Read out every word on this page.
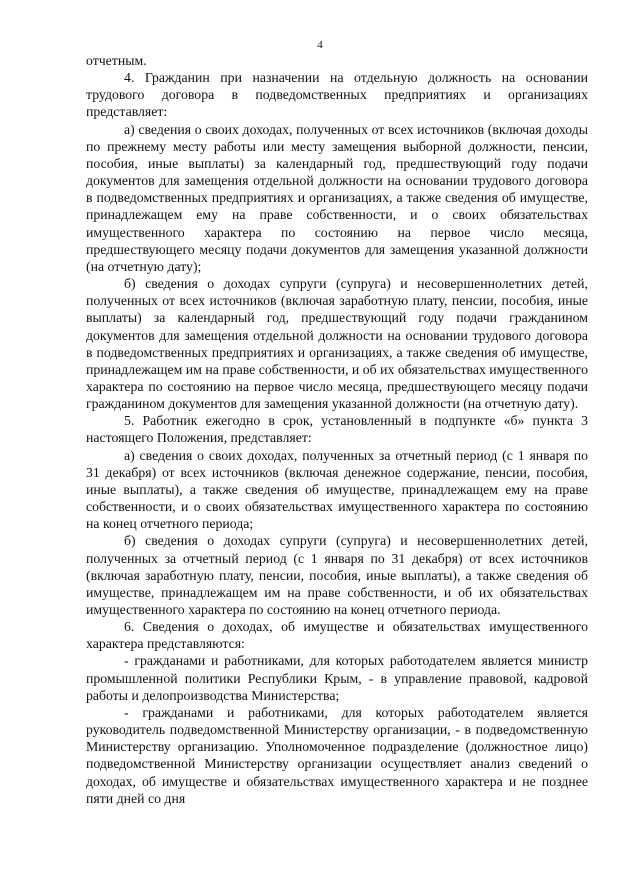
4

отчетным.

4. Гражданин при назначении на отдельную должность на основании трудового договора в подведомственных предприятиях и организациях представляет:

а) сведения о своих доходах, полученных от всех источников (включая доходы по прежнему месту работы или месту замещения выборной должности, пенсии, пособия, иные выплаты) за календарный год, предшествующий году подачи документов для замещения отдельной должности на основании трудового договора в подведомственных предприятиях и организациях, а также сведения об имуществе, принадлежащем ему на праве собственности, и о своих обязательствах имущественного характера по состоянию на первое число месяца, предшествующего месяцу подачи документов для замещения указанной должности (на отчетную дату);

б) сведения о доходах супруги (супруга) и несовершеннолетних детей, полученных от всех источников (включая заработную плату, пенсии, пособия, иные выплаты) за календарный год, предшествующий году подачи гражданином документов для замещения отдельной должности на основании трудового договора в подведомственных предприятиях и организациях, а также сведения об имуществе, принадлежащем им на праве собственности, и об их обязательствах имущественного характера по состоянию на первое число месяца, предшествующего месяцу подачи гражданином документов для замещения указанной должности (на отчетную дату).

5. Работник ежегодно в срок, установленный в подпункте «б» пункта 3 настоящего Положения, представляет:

а) сведения о своих доходах, полученных за отчетный период (с 1 января по 31 декабря) от всех источников (включая денежное содержание, пенсии, пособия, иные выплаты), а также сведения об имуществе, принадлежащем ему на праве собственности, и о своих обязательствах имущественного характера по состоянию на конец отчетного периода;

б) сведения о доходах супруги (супруга) и несовершеннолетних детей, полученных за отчетный период (с 1 января по 31 декабря) от всех источников (включая заработную плату, пенсии, пособия, иные выплаты), а также сведения об имуществе, принадлежащем им на праве собственности, и об их обязательствах имущественного характера по состоянию на конец отчетного периода.

6. Сведения о доходах, об имуществе и обязательствах имущественного характера представляются:

- гражданами и работниками, для которых работодателем является министр промышленной политики Республики Крым, - в управление правовой, кадровой работы и делопроизводства Министерства;

- гражданами и работниками, для которых работодателем является руководитель подведомственной Министерству организации, - в подведомственную Министерству организацию. Уполномоченное подразделение (должностное лицо) подведомственной Министерству организации осуществляет анализ сведений о доходах, об имуществе и обязательствах имущественного характера и не позднее пяти дней со дня
